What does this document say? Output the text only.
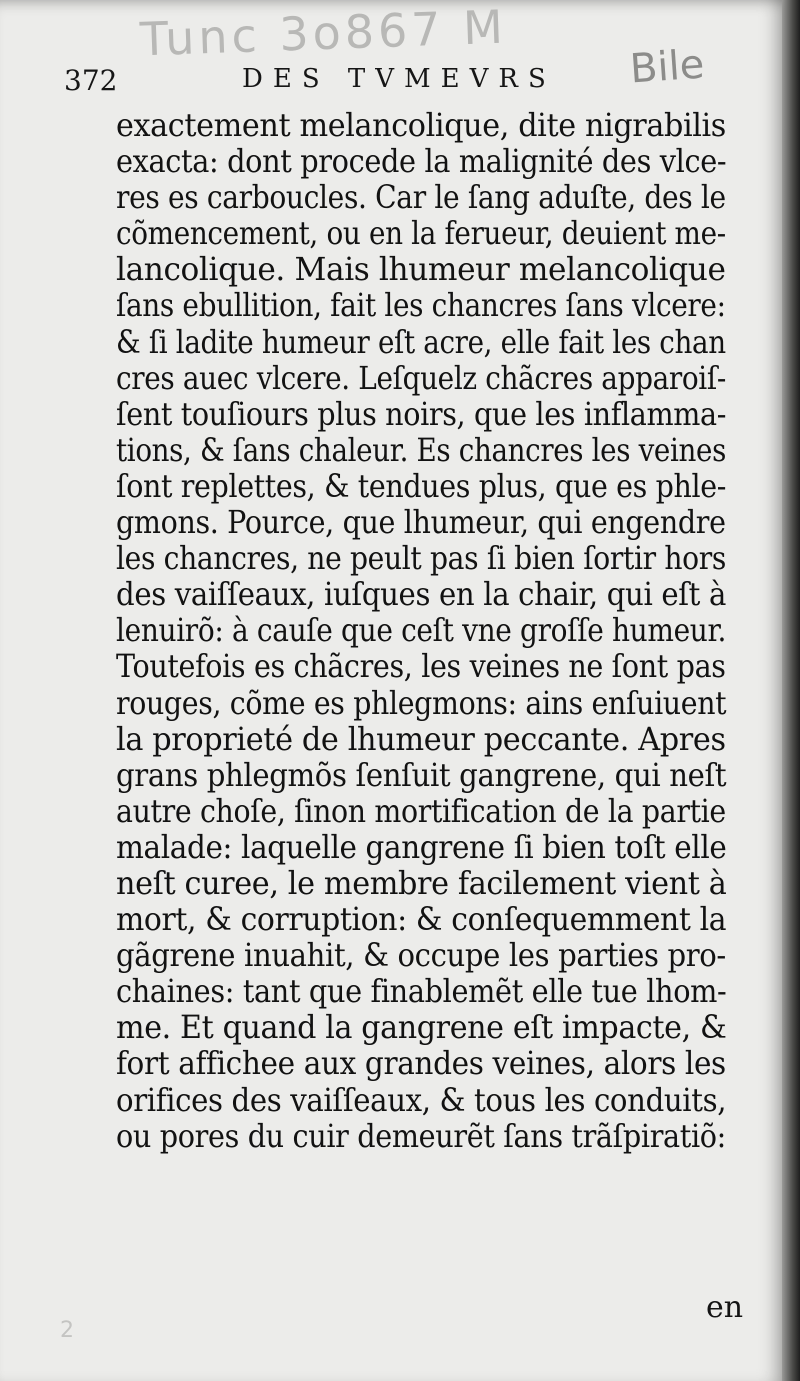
Tunc 3o867 M
Bile
372	DES TVMEVRS
exactement melancolique, dite nigrabilis
exacta: dont procede la malignité des vlce-
res es carboucles. Car le ſang aduſte, des le
cõmencement, ou en la ferueur, deuient me-
lancolique. Mais lhumeur melancolique
ſans ebullition, fait les chancres ſans vlcere:
& ſi ladite humeur eſt acre, elle fait les chan
cres auec vlcere. Leſquelz chãcres apparoiſ-
ſent touſiours plus noirs, que les inflamma-
tions, & ſans chaleur. Es chancres les veines
ſont replettes, & tendues plus, que es phle-
gmons. Pource, que lhumeur, qui engendre
les chancres, ne peult pas ſi bien ſortir hors
des vaiſſeaux, iuſques en la chair, qui eſt à
lenuirõ: à cauſe que ceſt vne groſſe humeur.
Toutefois es chãcres, les veines ne ſont pas
rouges, cõme es phlegmons: ains enſuiuent
la proprieté de lhumeur peccante. Apres
grans phlegmõs ſenſuit gangrene, qui neſt
autre choſe, ſinon mortification de la partie
malade: laquelle gangrene ſi bien toſt elle
neſt curee, le membre facilement vient à
mort, & corruption: & conſequemment la
gãgrene inuahit, & occupe les parties pro-
chaines: tant que finablemẽt elle tue lhom-
me. Et quand la gangrene eſt impacte, &
fort affichee aux grandes veines, alors les
orifices des vaiſſeaux, & tous les conduits,
ou pores du cuir demeurẽt ſans trãſpiratiõ:
en
2
